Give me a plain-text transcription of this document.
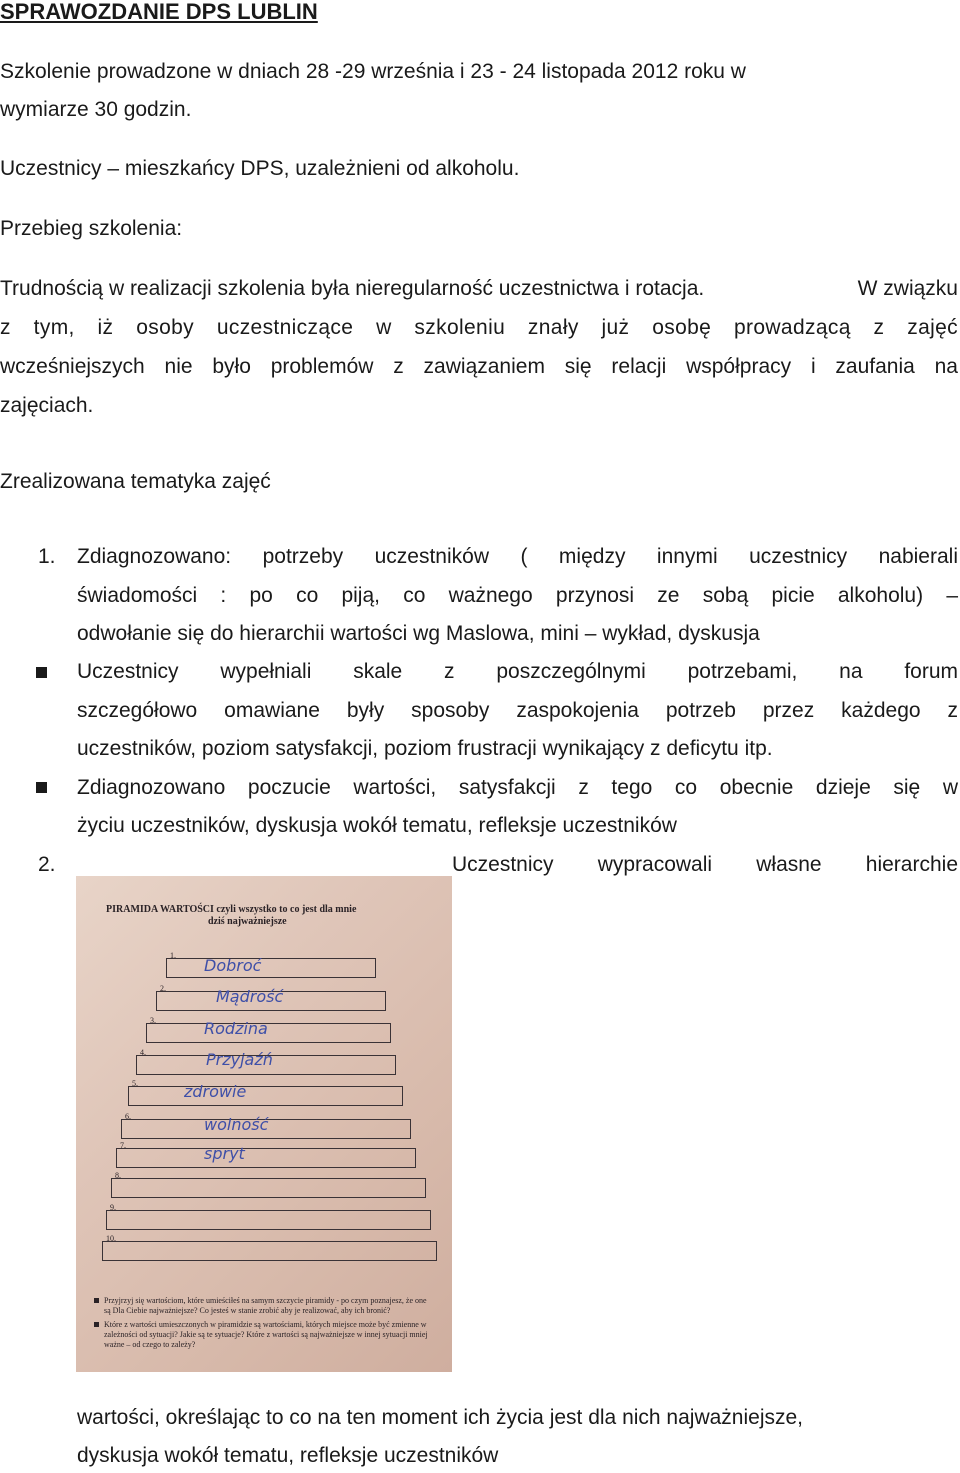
SPRAWOZDANIE DPS LUBLIN
Szkolenie prowadzone w dniach 28 -29 września i 23 - 24 listopada 2012 roku w
wymiarze 30 godzin.
Uczestnicy – mieszkańcy DPS, uzależnieni od alkoholu.
Przebieg szkolenia:
Trudnością w realizacji szkolenia była nieregularność uczestnictwa i rotacja.	W związku
z tym, iż osoby uczestniczące w szkoleniu znały już osobę prowadzącą z zajęć
wcześniejszych nie było problemów z zawiązaniem się relacji współpracy i zaufania na
zajęciach.
Zrealizowana tematyka zajęć
1. Zdiagnozowano: potrzeby uczestników ( między innymi uczestnicy nabierali
świadomości : po co piją, co ważnego przynosi ze sobą picie alkoholu) –
odwołanie się do hierarchii wartości wg Maslowa, mini – wykład, dyskusja
Uczestnicy wypełniali skale z poszczególnymi potrzebami, na forum
szczegółowo omawiane były sposoby zaspokojenia potrzeb przez każdego z
uczestników, poziom satysfakcji, poziom frustracji wynikający z deficytu itp.
Zdiagnozowano poczucie wartości, satysfakcji z tego co obecnie dzieje się w
życiu uczestników, dyskusja wokół tematu, refleksje uczestników
2.	Uczestnicy wypracowali własne hierarchie
PIRAMIDA WARTOŚCI czyli wszystko to co jest dla mnie
dziś najważniejsze
1.
Dobroć
2.	Mądrość
3.	Rodzina
4.	Przyjaźń
5.	zdrowie
6.	wolność
7.	spryt
8.
9.
10.
Przyjrzyj się wartościom, które umieściłeś na samym szczycie piramidy - po czym poznajesz, że one są Dla Ciebie najważniejsze? Co jesteś w stanie zrobić aby je realizować, aby ich bronić?
Które z wartości umieszczonych w piramidzie są wartościami, których miejsce może być zmienne w zależności od sytuacji? Jakie są te sytuacje? Które z wartości są najważniejsze w innej sytuacji mniej ważne – od czego to zależy?
wartości, określając to co na ten moment ich życia jest dla nich najważniejsze,
dyskusja wokół tematu, refleksje uczestników
